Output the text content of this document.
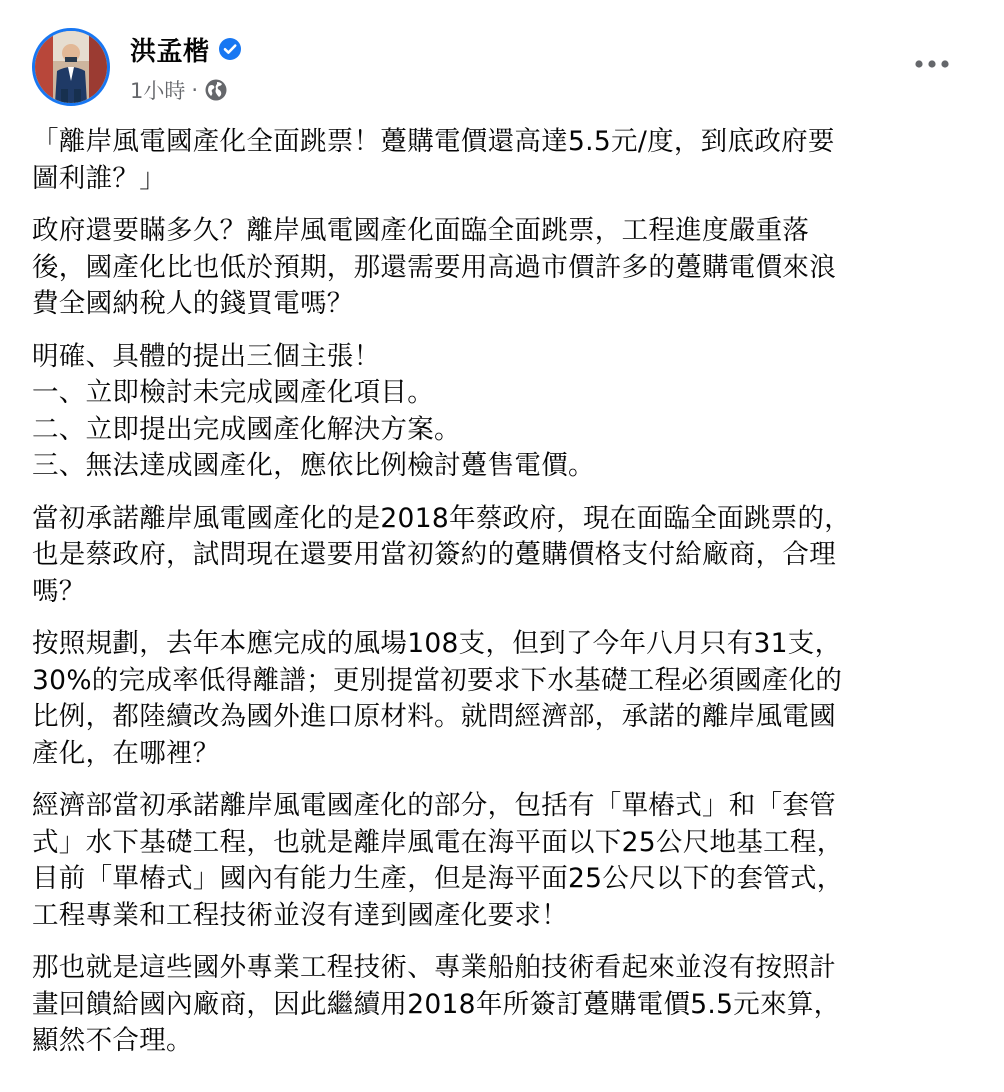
洪孟楷
1小時 ·

「離岸風電國產化全面跳票！躉購電價還高達5.5元/度，到底政府要
圖利誰？」

政府還要瞞多久？離岸風電國產化面臨全面跳票，工程進度嚴重落
後，國產化比也低於預期，那還需要用高過市價許多的躉購電價來浪
費全國納稅人的錢買電嗎？

明確、具體的提出三個主張！
一、立即檢討未完成國產化項目。
二、立即提出完成國產化解決方案。
三、無法達成國產化，應依比例檢討躉售電價。

當初承諾離岸風電國產化的是2018年蔡政府，現在面臨全面跳票的，
也是蔡政府，試問現在還要用當初簽約的躉購價格支付給廠商，合理
嗎？

按照規劃，去年本應完成的風場108支，但到了今年八月只有31支，
30%的完成率低得離譜；更別提當初要求下水基礎工程必須國產化的
比例，都陸續改為國外進口原材料。就問經濟部，承諾的離岸風電國
產化，在哪裡？

經濟部當初承諾離岸風電國產化的部分，包括有「單樁式」和「套管
式」水下基礎工程，也就是離岸風電在海平面以下25公尺地基工程，
目前「單樁式」國內有能力生產，但是海平面25公尺以下的套管式，
工程專業和工程技術並沒有達到國產化要求！

那也就是這些國外專業工程技術、專業船舶技術看起來並沒有按照計
畫回饋給國內廠商，因此繼續用2018年所簽訂躉購電價5.5元來算，
顯然不合理。
